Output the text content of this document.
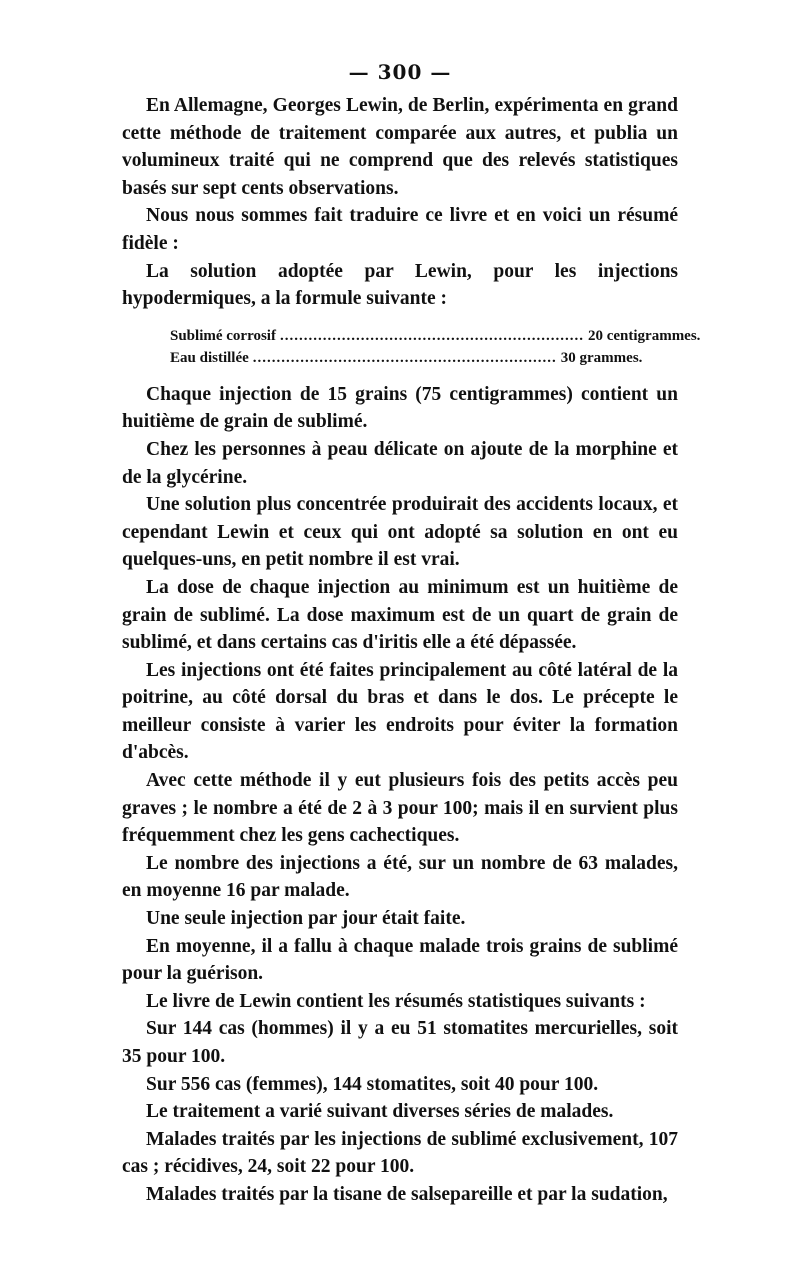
— 300 —

En Allemagne, Georges Lewin, de Berlin, expérimenta en grand cette méthode de traitement comparée aux autres, et publia un volumineux traité qui ne comprend que des relevés statistiques basés sur sept cents observations.

Nous nous sommes fait traduire ce livre et en voici un résumé fidèle :

La solution adoptée par Lewin, pour les injections hypodermiques, a la formule suivante :

Sublimé corrosif ................................................................ 20 centigrammes.
Eau distillée ................................................................ 30 grammes.

Chaque injection de 15 grains (75 centigrammes) contient un huitième de grain de sublimé.

Chez les personnes à peau délicate on ajoute de la morphine et de la glycérine.

Une solution plus concentrée produirait des accidents locaux, et cependant Lewin et ceux qui ont adopté sa solution en ont eu quelques-uns, en petit nombre il est vrai.

La dose de chaque injection au minimum est un huitième de grain de sublimé. La dose maximum est de un quart de grain de sublimé, et dans certains cas d'iritis elle a été dépassée.

Les injections ont été faites principalement au côté latéral de la poitrine, au côté dorsal du bras et dans le dos. Le précepte le meilleur consiste à varier les endroits pour éviter la formation d'abcès.

Avec cette méthode il y eut plusieurs fois des petits accès peu graves ; le nombre a été de 2 à 3 pour 100; mais il en survient plus fréquemment chez les gens cachectiques.

Le nombre des injections a été, sur un nombre de 63 malades, en moyenne 16 par malade.

Une seule injection par jour était faite.

En moyenne, il a fallu à chaque malade trois grains de sublimé pour la guérison.

Le livre de Lewin contient les résumés statistiques suivants :

Sur 144 cas (hommes) il y a eu 51 stomatites mercurielles, soit 35 pour 100.

Sur 556 cas (femmes), 144 stomatites, soit 40 pour 100.

Le traitement a varié suivant diverses séries de malades.

Malades traités par les injections de sublimé exclusivement, 107 cas ; récidives, 24, soit 22 pour 100.

Malades traités par la tisane de salsepareille et par la sudation,
